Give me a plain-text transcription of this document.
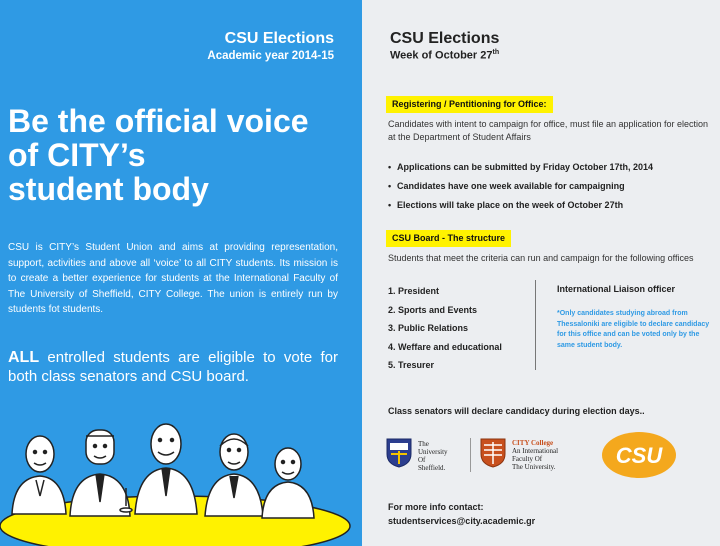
CSU Elections
Academic year 2014-15
Be the official voice
of CITY’s
student body

CSU is CITY’s Student Union and aims at providing representation, support, activities and above all ‘voice’ to all CITY students. Its mission is to create a better experience for students at the International Faculty of The University of Sheffield, CITY College. The union is entirely run by students fot students.

ALL entrolled students are eligible to vote for both class senators and CSU board.

CSU Elections
Week of October 27th
Registering / Pentitioning for Office:

Candidates with intent to campaign for office, must file an application for election at the Department of Student Affairs

• Applications can be submitted by Friday October 17th, 2014
• Candidates have one week available for campaigning
• Elections will take place on the week of October 27th
CSU Board - The structure

Students that meet the criteria can run and campaign for the following offices

1. President
2. Sports and Events
3. Public Relations
4. Weffare and educational
5. Tresurer
International Liaison officer
*Only candidates studying abroad from Thessaloniki are eligible to declare candidacy for this office and can be voted only by the same student body.
Class senators will declare candidacy during election days..
The
University
Of
Sheffield.
CITY College
An International
Faculty Of
The University.	CSU
For more info contact:
studentservices@city.academic.gr
